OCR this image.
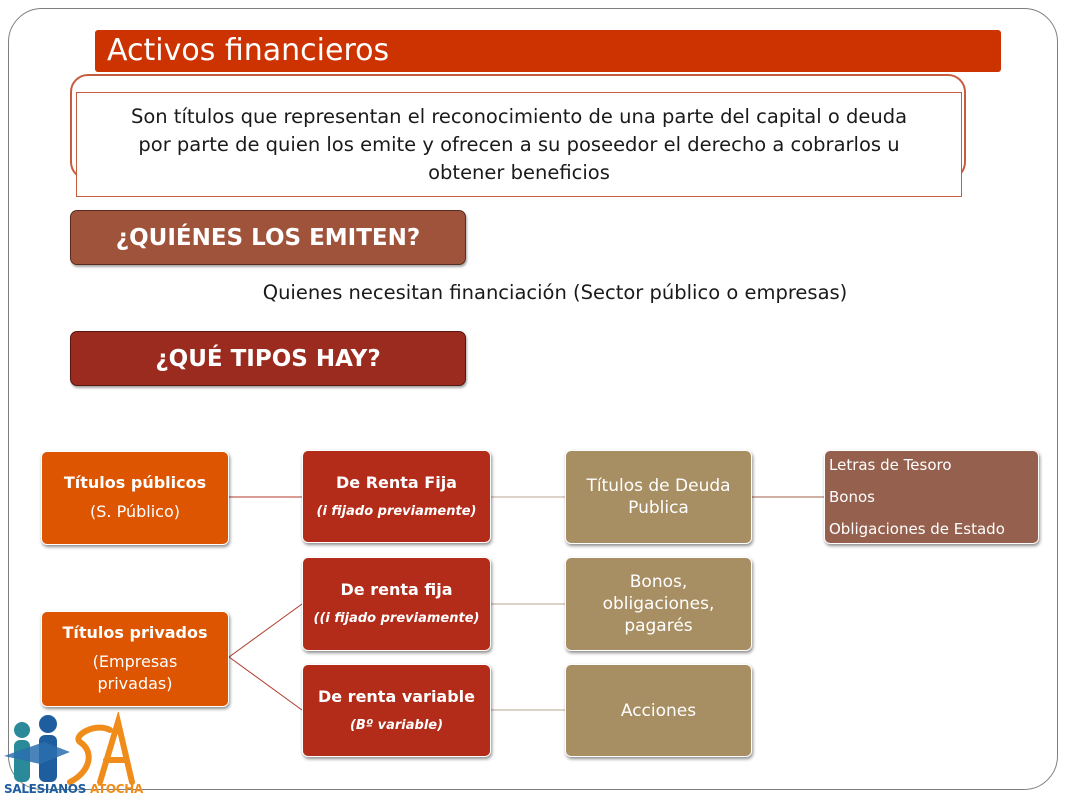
Activos financieros
Son títulos que representan el reconocimiento de una parte del capital o deuda por parte de quien los emite y ofrecen a su poseedor el derecho a cobrarlos u obtener beneficios
¿QUIÉNES LOS EMITEN?
Quienes necesitan financiación (Sector público o empresas)
¿QUÉ TIPOS HAY?
Títulos públicos
(S. Público)
Títulos privados
(Empresas privadas)
De Renta Fija
(i fijado previamente)
De renta fija
((i fijado previamente)
De renta variable
(Bº variable)
Títulos de Deuda Publica
Bonos, obligaciones, pagarés
Acciones
Letras de Tesoro
Bonos
Obligaciones de Estado
SALESIANOS ATOCHA
